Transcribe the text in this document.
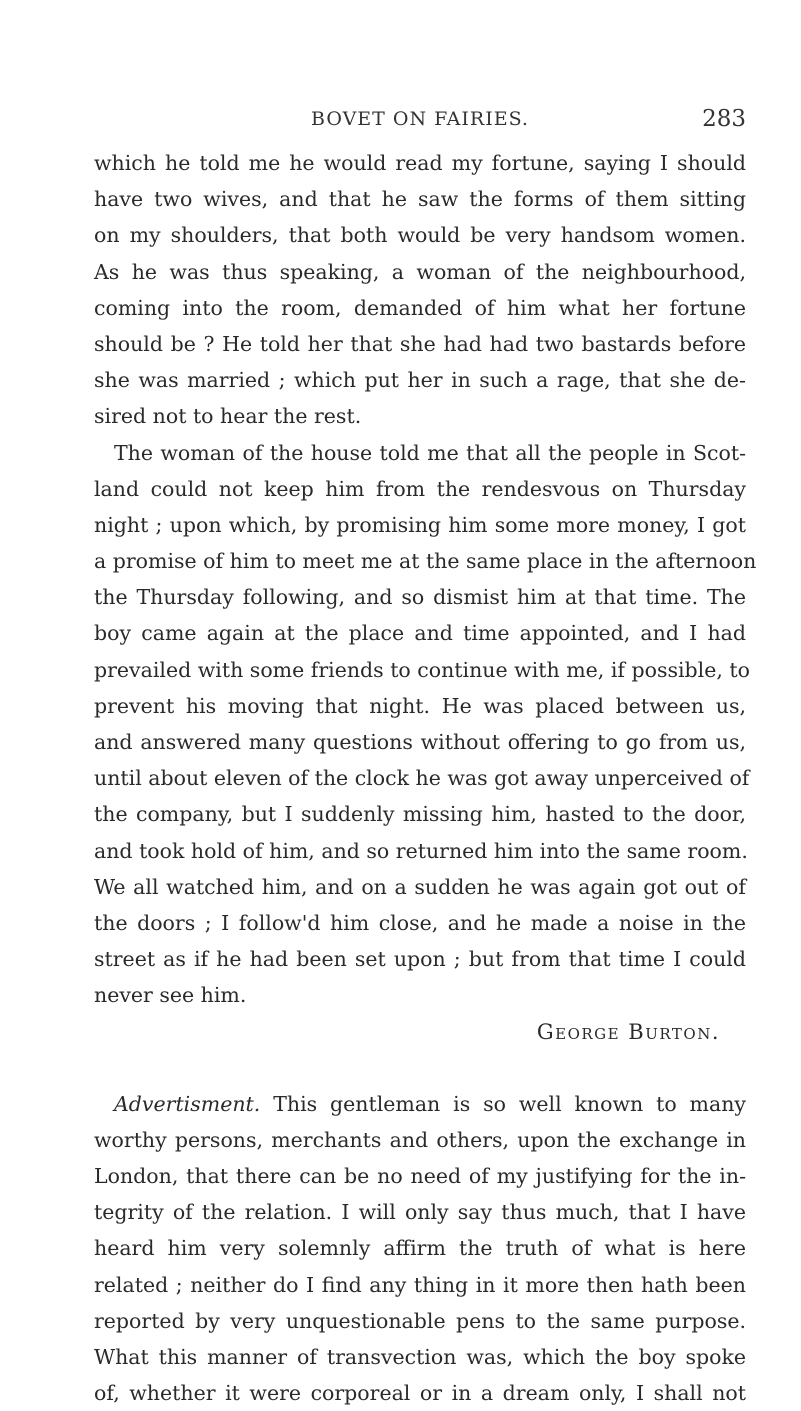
BOVET ON FAIRIES.	283
which he told me he would read my fortune, saying I should
have two wives, and that he saw the forms of them sitting
on my shoulders, that both would be very handsom women.
As he was thus speaking, a woman of the neighbourhood,
coming into the room, demanded of him what her fortune
should be ? He told her that she had had two bastards before
she was married ; which put her in such a rage, that she de-
sired not to hear the rest.
The woman of the house told me that all the people in Scot-
land could not keep him from the rendesvous on Thursday
night ; upon which, by promising him some more money, I got
a promise of him to meet me at the same place in the afternoon
the Thursday following, and so dismist him at that time. The
boy came again at the place and time appointed, and I had
prevailed with some friends to continue with me, if possible, to
prevent his moving that night. He was placed between us,
and answered many questions without offering to go from us,
until about eleven of the clock he was got away unperceived of
the company, but I suddenly missing him, hasted to the door,
and took hold of him, and so returned him into the same room.
We all watched him, and on a sudden he was again got out of
the doors ; I follow'd him close, and he made a noise in the
street as if he had been set upon ; but from that time I could
never see him.
George Burton.
Advertisment. This gentleman is so well known to many
worthy persons, merchants and others, upon the exchange in
London, that there can be no need of my justifying for the in-
tegrity of the relation. I will only say thus much, that I have
heard him very solemnly affirm the truth of what is here
related ; neither do I find any thing in it more then hath been
reported by very unquestionable pens to the same purpose.
What this manner of transvection was, which the boy spoke
of, whether it were corporeal or in a dream only, I shall not
